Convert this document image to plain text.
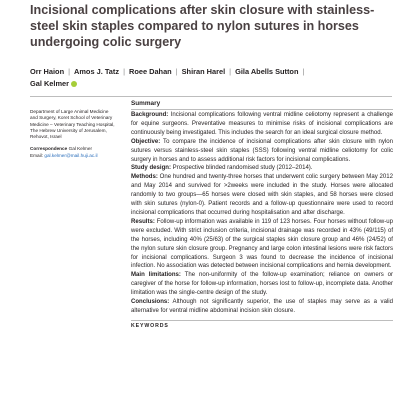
Incisional complications after skin closure with stainless-steel skin staples compared to nylon sutures in horses undergoing colic surgery
Orr Haion | Amos J. Tatz | Roee Dahan | Shiran Harel | Gila Abells Sutton |
Gal Kelmer
Department of Large Animal Medicine
and Surgery, Koret School of Veterinary
Medicine – Veterinary Teaching Hospital,
The Hebrew University of Jerusalem,
Rehovot, Israel
Correspondence Gal Kelmer
Email: gal.kelmer@mail.huji.ac.il
Summary

Background: Incisional complications following ventral midline celiotomy represent a challenge for equine surgeons. Preventative measures to minimise risks of incisional complications are continuously being investigated. This includes the search for an ideal surgical closure method.

Objective: To compare the incidence of incisional complications after skin closure with nylon sutures versus stainless-steel skin staples (SSS) following ventral midline celiotomy for colic surgery in horses and to assess additional risk factors for incisional complications.

Study design: Prospective blinded randomised study (2012–2014).

Methods: One hundred and twenty-three horses that underwent colic surgery between May 2012 and May 2014 and survived for >2weeks were included in the study. Horses were allocated randomly to two groups—65 horses were closed with skin staples, and 58 horses were closed with skin sutures (nylon-0). Patient records and a follow-up questionnaire were used to record incisional complications that occurred during hospitalisation and after discharge.

Results: Follow-up information was available in 119 of 123 horses. Four horses without follow-up were excluded. With strict inclusion criteria, incisional drainage was recorded in 43% (49/115) of the horses, including 40% (25/63) of the surgical staples skin closure group and 46% (24/52) of the nylon suture skin closure group. Pregnancy and large colon intestinal lesions were risk factors for incisional complications. Surgeon 3 was found to decrease the incidence of incisional infection. No association was detected between incisional complications and hernia development.

Main limitations: The non-uniformity of the follow-up examination; reliance on owners or caregiver of the horse for follow-up information, horses lost to follow-up, incomplete data. Another limitation was the single-centre design of the study.

Conclusions: Although not significantly superior, the use of staples may serve as a valid alternative for ventral midline abdominal incision skin closure.

KEYWORDS
